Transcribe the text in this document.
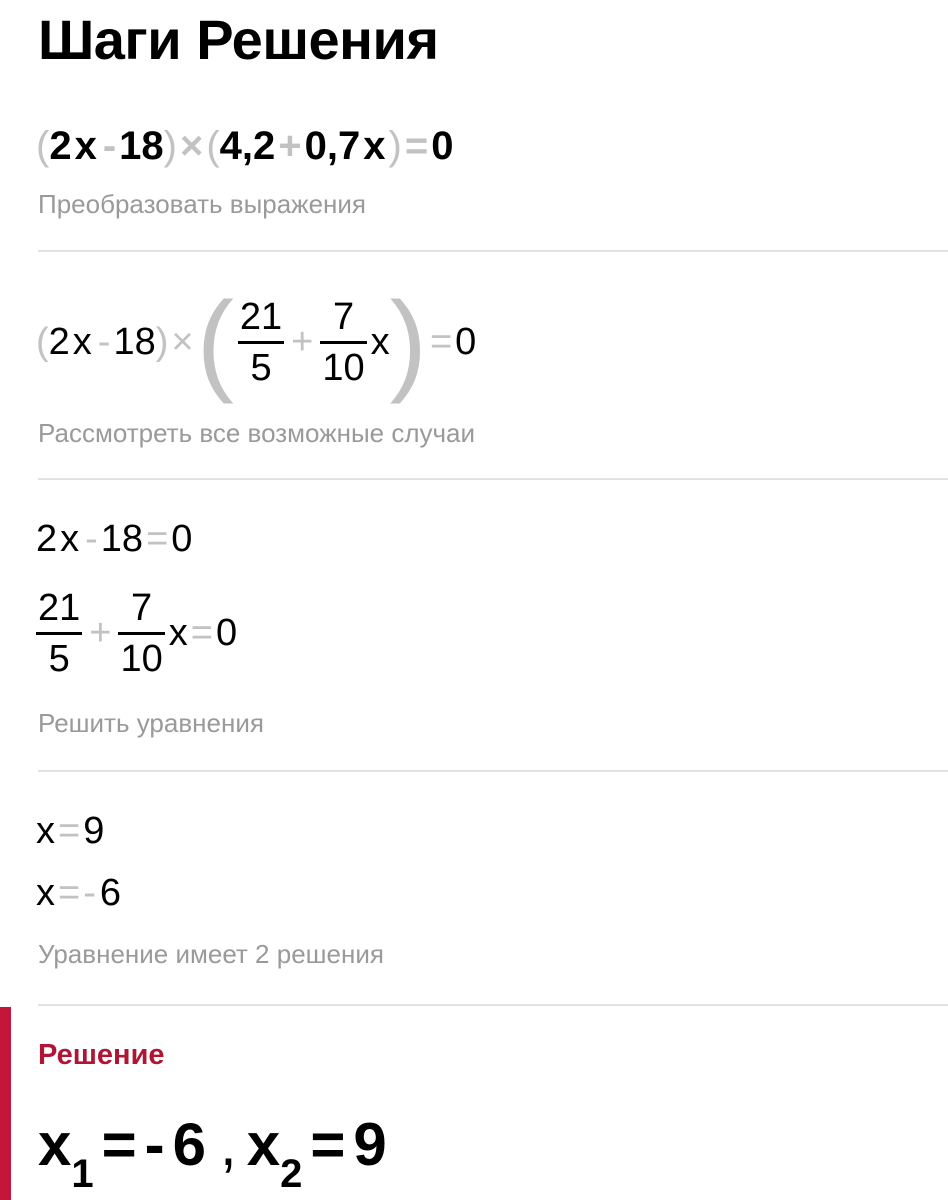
Шаги Решения
( 2 x - 18 ) × ( 4,2 + 0,7 x ) = 0
Преобразовать выражения
( 2 x - 18 ) × ( $\frac{21}{5} + \frac{7}{10}$ x ) = 0
Рассмотреть все возможные случаи
2 x - 18 = 0
$\frac{21}{5} + \frac{7}{10}$ x = 0
Решить уравнения
x = 9
x = - 6
Уравнение имеет 2 решения
Решение
$x_1$ = - 6 , $x_2 = 9$
